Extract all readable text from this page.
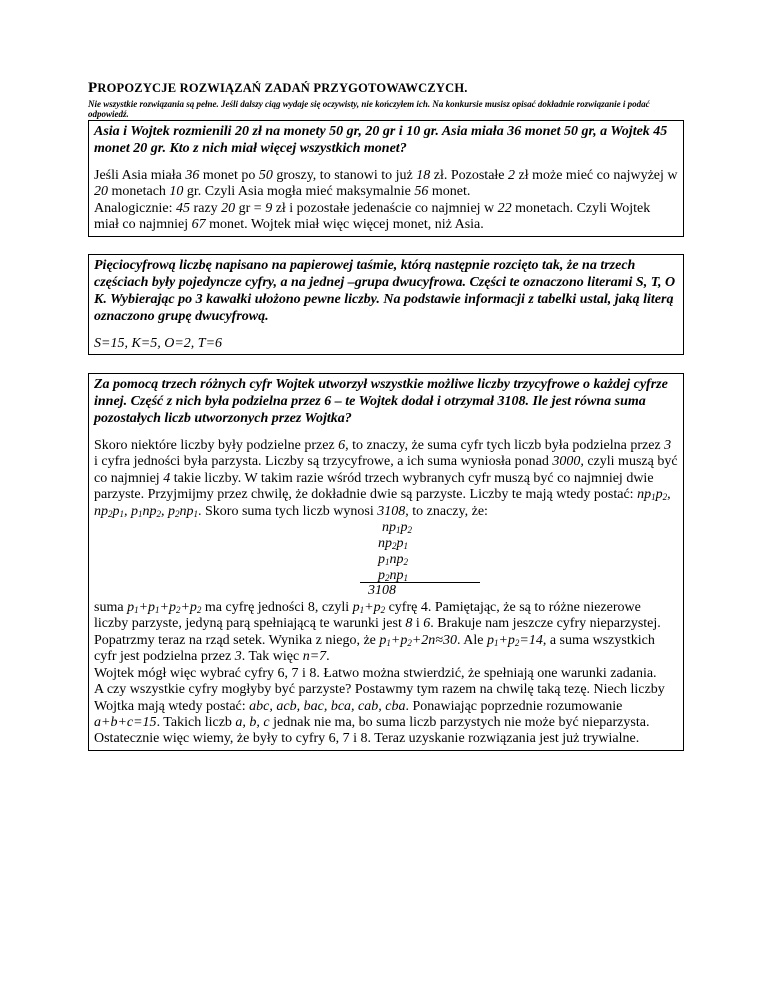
PROPOZYCJE ROZWIĄZAŃ ZADAŃ PRZYGOTOWAWCZYCH.

Nie wszystkie rozwiązania są pełne. Jeśli dalszy ciąg wydaje się oczywisty, nie kończyłem ich. Na konkursie musisz opisać dokładnie rozwiązanie i podać odpowiedź.

Asia i Wojtek rozmienili 20 zł na monety 50 gr, 20 gr i 10 gr. Asia miała 36 monet 50 gr, a Wojtek 45 monet 20 gr. Kto z nich miał więcej wszystkich monet?

Jeśli Asia miała 36 monet po 50 groszy, to stanowi to już 18 zł. Pozostałe 2 zł może mieć co najwyżej w 20 monetach 10 gr. Czyli Asia mogła mieć maksymalnie 56 monet.
Analogicznie: 45 razy 20 gr = 9 zł i pozostałe jedenaście co najmniej w 22 monetach. Czyli Wojtek miał co najmniej 67 monet. Wojtek miał więc więcej monet, niż Asia.

Pięciocyfrową liczbę napisano na papierowej taśmie, którą następnie rozcięto tak, że na trzech częściach były pojedyncze cyfry, a na jednej –grupa dwucyfrowa. Części te oznaczono literami S, T, O K. Wybierając po 3 kawałki ułożono pewne liczby. Na podstawie informacji z tabelki ustal, jaką literą oznaczono grupę dwucyfrową.

S=15, K=5, O=2, T=6

Za pomocą trzech różnych cyfr Wojtek utworzył wszystkie możliwe liczby trzycyfrowe o każdej cyfrze innej. Część z nich była podzielna przez 6 – te Wojtek dodał i otrzymał 3108. Ile jest równa suma pozostałych liczb utworzonych przez Wojtka?

Skoro niektóre liczby były podzielne przez 6, to znaczy, że suma cyfr tych liczb była podzielna przez 3 i cyfra jedności była parzysta. Liczby są trzycyfrowe, a ich suma wyniosła ponad 3000, czyli muszą być co najmniej 4 takie liczby. W takim razie wśród trzech wybranych cyfr muszą być co najmniej dwie parzyste. Przyjmijmy przez chwilę, że dokładnie dwie są parzyste. Liczby te mają wtedy postać: $np_1p_2$, $np_2p_1$, $p_1np_2$, $p_2np_1$. Skoro suma tych liczb wynosi 3108, to znaczy, że:

$np_1p_2$
$np_2p_1$
$p_1np_2$
$p_2np_1$
3108

suma $p_1+p_1+p_2+p_2$ ma cyfrę jedności 8, czyli $p_1+p_2$ cyfrę 4. Pamiętając, że są to różne niezerowe liczby parzyste, jedyną parą spełniającą te warunki jest 8 i 6. Brakuje nam jeszcze cyfry nieparzystej. Popatrzmy teraz na rząd setek. Wynika z niego, że $p_1+p_2+2n\approx 30$. Ale $p_1+p_2=14$, a suma wszystkich cyfr jest podzielna przez 3. Tak więc n=7.

Wojtek mógł więc wybrać cyfry 6, 7 i 8. Łatwo można stwierdzić, że spełniają one warunki zadania.

A czy wszystkie cyfry mogłyby być parzyste? Postawmy tym razem na chwilę taką tezę. Niech liczby Wojtka mają wtedy postać: abc, acb, bac, bca, cab, cba. Ponawiając poprzednie rozumowanie a+b+c=15. Takich liczb a, b, c jednak nie ma, bo suma liczb parzystych nie może być nieparzysta.

Ostatecznie więc wiemy, że były to cyfry 6, 7 i 8. Teraz uzyskanie rozwiązania jest już trywialne.
